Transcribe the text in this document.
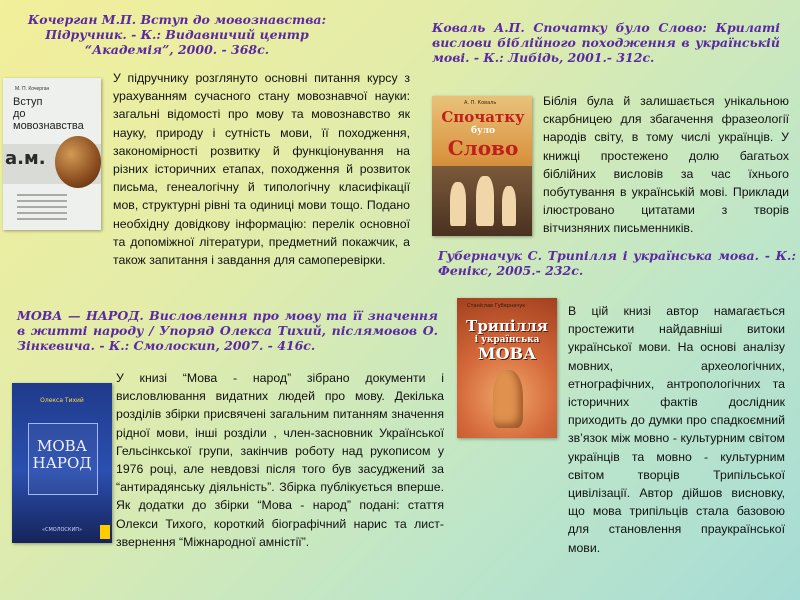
Кочерган М.П. Вступ до мовознавства: Підручник. - К.: Видавничий центр “Академія”, 2000. - 368с.

М. П. Кочерган
Вступ
до
мовознавства
а.м.

У підручнику розглянуто основні питання курсу з урахуванням сучасного стану мовознавчої науки: загальні відомості про мову та мовознавство як науку, природу і сутність мови, її походження, закономірності розвитку й функціонування на різних історичних етапах, походження й розвиток письма, генеалогічну й типологічну класифікації мов, структурні рівні та одиниці мови тощо. Подано необхідну довідкову інформацію: перелік основної та допоміжної літератури, предметний покажчик, а також запитання і завдання для самоперевірки.

Коваль А.П. Спочатку було Слово: Крилаті вислови біблійного походження в українській мові. - К.: Либідь, 2001.- 312с.

А. П. Коваль
Спочатку
було
Слово

Біблія була й залишається унікальною скарбницею для збагачення фразеології народів світу, в тому числі українців. У книжці простежено долю багатьох біблійних висловів за час їхнього побутування в українській мові. Приклади ілюстровано цитатами з творів вітчизняних письменників.

Губерначук С. Трипілля і українська мова. - К.: Фенікс, 2005.- 232с.

Станіслав Губерначук
Трипілля
і українська
МОВА

В цій книзі автор намагається простежити найдавніші витоки української мови. На основі аналізу мовних, археологічних, етнографічних, антропологічних та історичних фактів дослідник приходить до думки про спадкоємний зв’язок між мовно - культурним світом українців та мовно - культурним світом творців Трипільської цивілізації. Автор дійшов висновку, що мова трипільців стала базовою для становлення праукраїнської мови.

МОВА — НАРОД. Висловлення про мову та її значення в житті народу / Упоряд Олекса Тихий, післямовов О. Зінкевича. - К.: Смолоскип, 2007. - 416с.

Олекса Тихий
МОВА
НАРОД
«СМОЛОСКИП»

У книзі “Мова - народ” зібрано документи і висловлювання видатних людей про мову. Декілька розділів збірки присвячені загальним питанням значення рідної мови, інші розділи , член-засновник Української Гельсінкської групи, закінчив роботу над рукописом у 1976 році, але невдовзі після того був засуджений за “антирадянську діяльність”. Збірка публікується вперше. Як додатки до збірки “Мова - народ” подані: стаття Олекси Тихого, короткий біографічний нарис та лист-звернення “Міжнародної амністії”.
